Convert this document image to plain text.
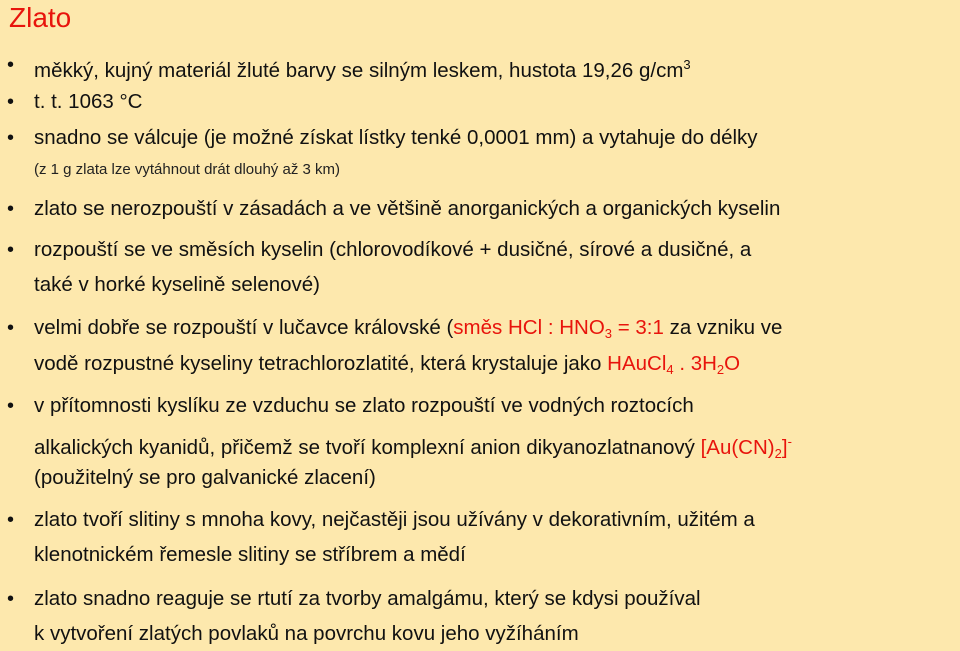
Zlato
• měkký, kujný materiál žluté barvy se silným leskem, hustota 19,26 $g/cm^3$
• t. t. 1063 °C
• snadno se válcuje (je možné získat lístky tenké 0,0001 mm) a vytahuje do délky
(z 1 g zlata lze vytáhnout drát dlouhý až 3 km)
• zlato se nerozpouští v zásadách a ve většině anorganických a organických kyselin
• rozpouští se ve směsích kyselin (chlorovodíkové + dusičné, sírové a dusičné, a
také v horké kyselině selenové)
• velmi dobře se rozpouští v lučavce královské (směs HCl : $HNO_3$ = 3:1 za vzniku ve
vodě rozpustné kyseliny tetrachlorozlatité, která krystaluje jako HAuCl$_4$ . $3H_2O$
• v přítomnosti kyslíku ze vzduchu se zlato rozpouští ve vodných roztocích
alkalických kyanidů, přičemž se tvoří komplexní anion dikyanozlatnanový $[Au(CN)_2]^-$
(použitelný se pro galvanické zlacení)
• zlato tvoří slitiny s mnoha kovy, nejčastěji jsou užívány v dekorativním, užitém a
klenotnickém řemesle slitiny se stříbrem a mědí
• zlato snadno reaguje se rtutí za tvorby amalgámu, který se kdysi používal
k vytvoření zlatých povlaků na povrchu kovu jeho vyžíháním
